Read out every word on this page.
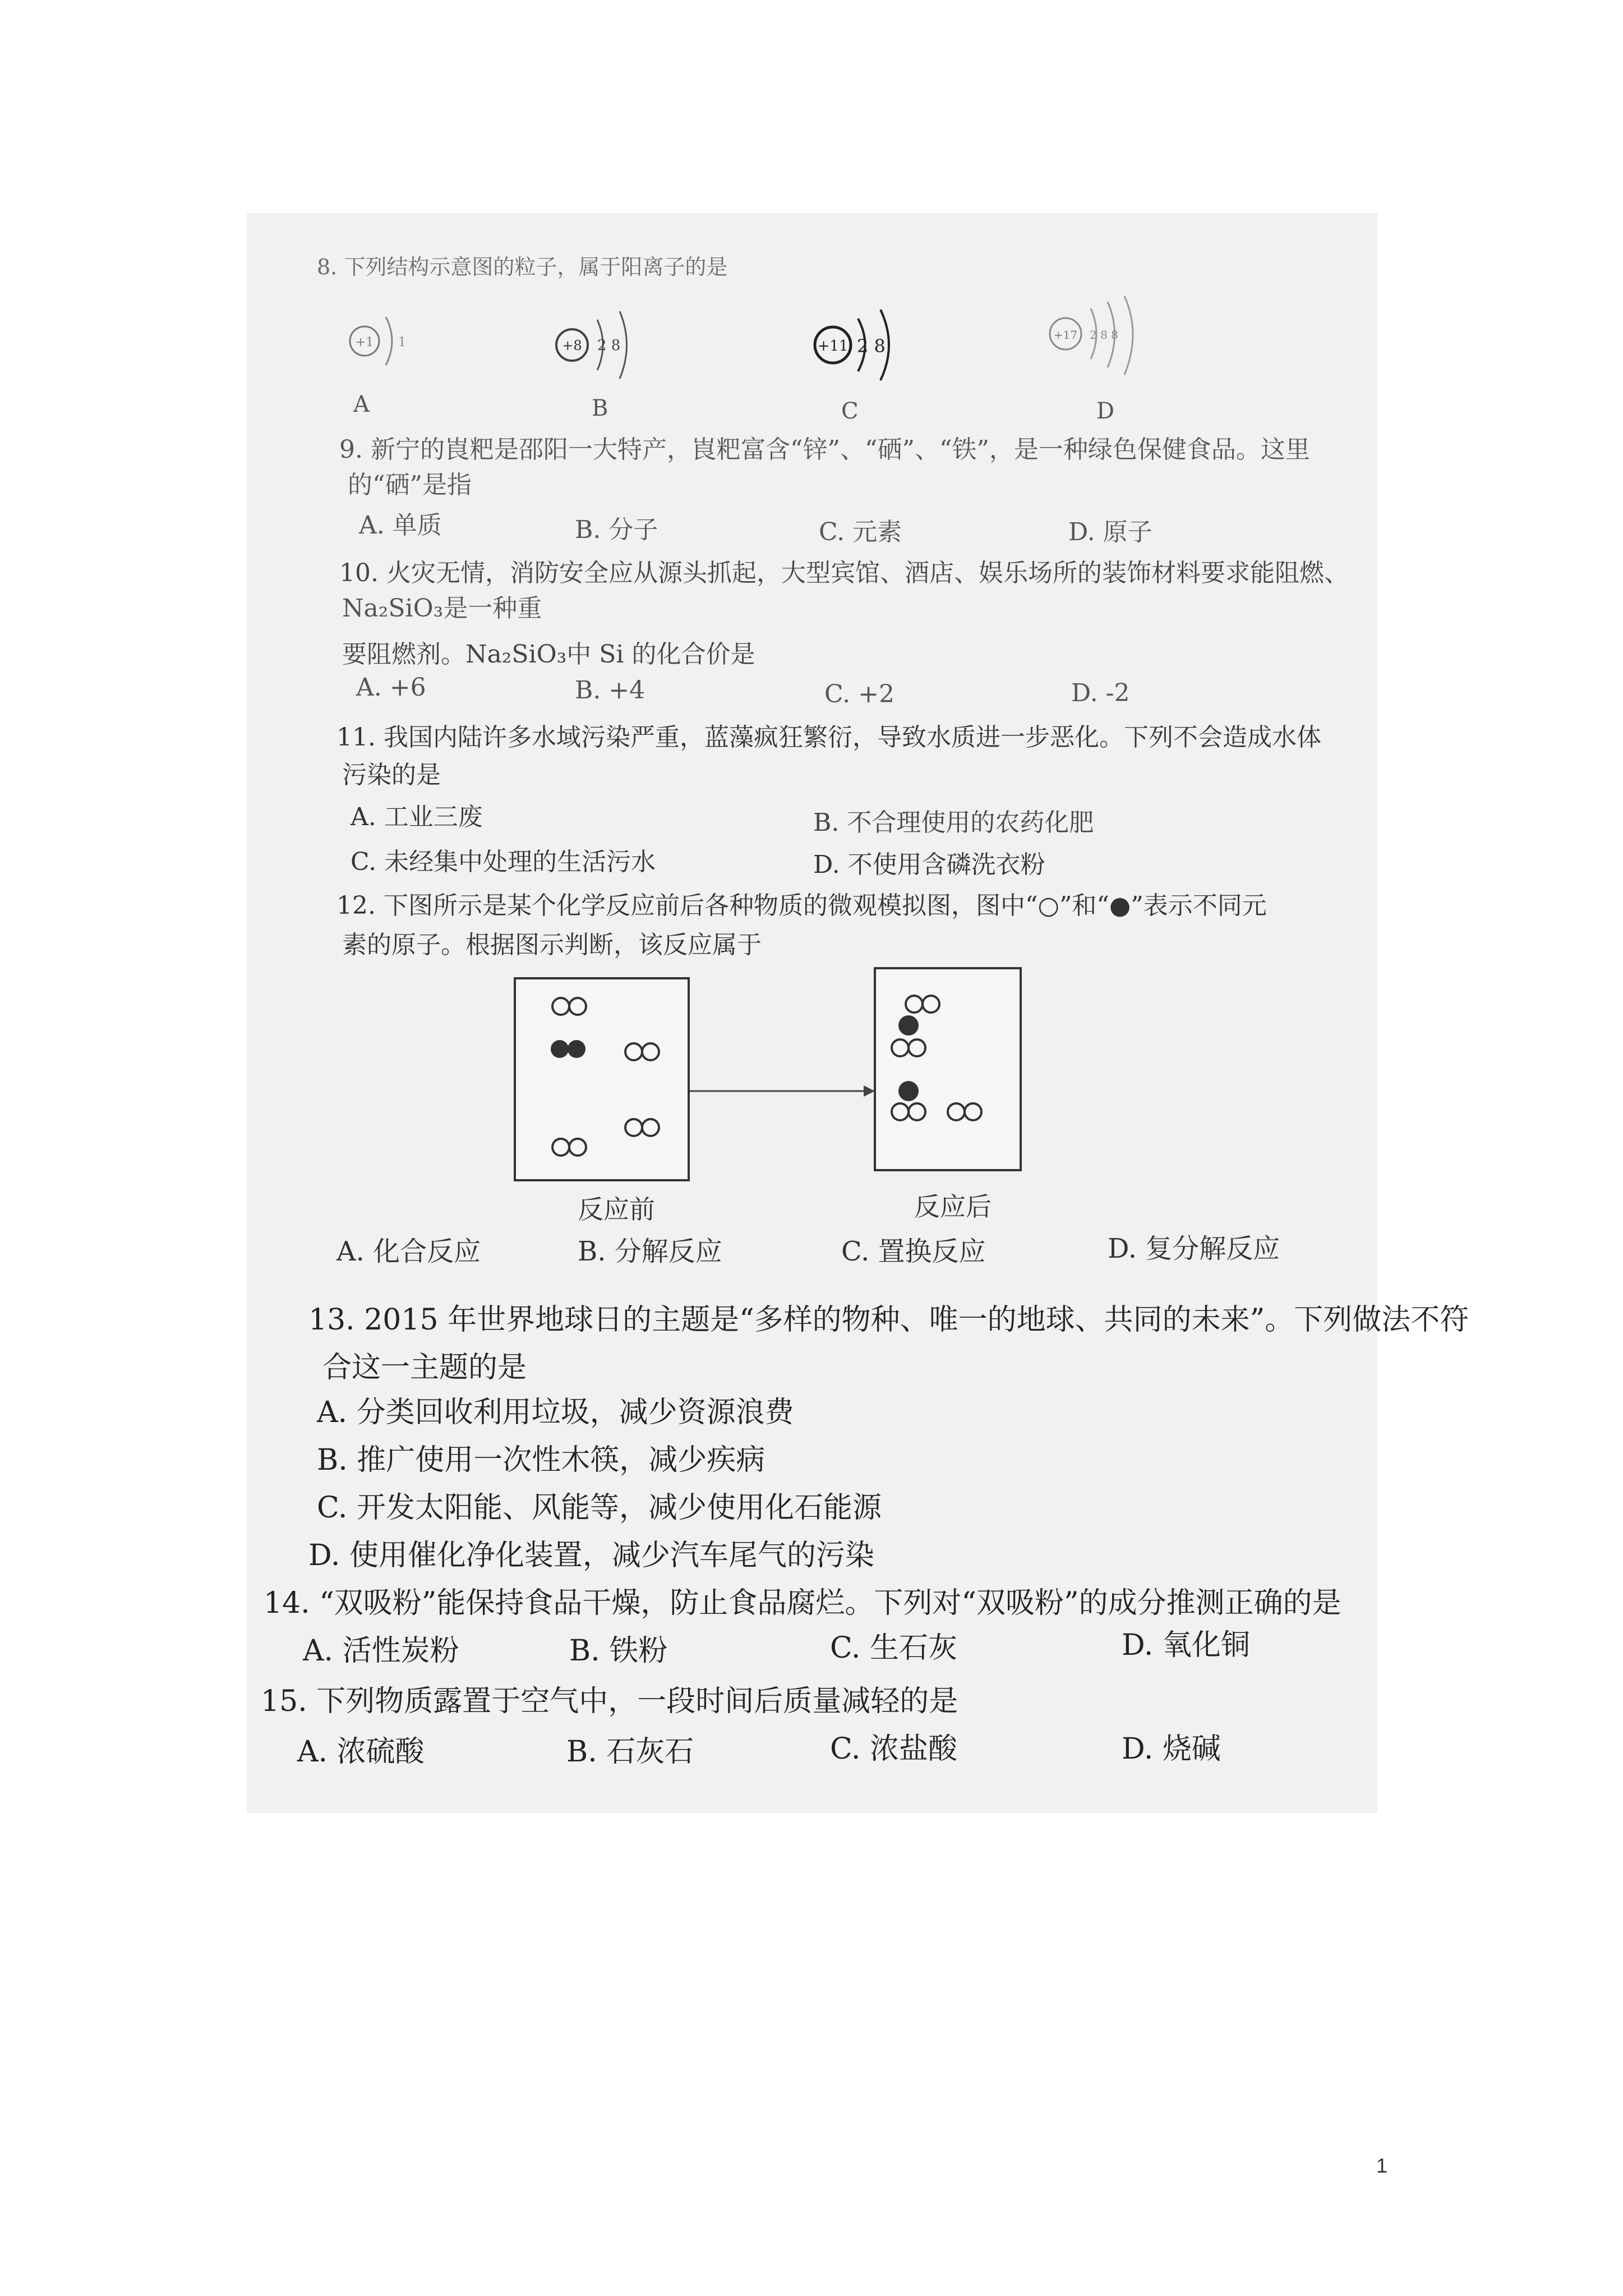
8. 下列结构示意图的粒子，属于阳离子的是
+1 1	+8 2 8	+11 2 8
+17 2 8 8
A	B	C	D
9. 新宁的崀粑是邵阳一大特产，崀粑富含“锌”、“硒”、“铁”，是一种绿色保健食品。这里
的“硒”是指
A. 单质	B. 分子	C. 元素	D. 原子
10. 火灾无情，消防安全应从源头抓起，大型宾馆、酒店、娱乐场所的装饰材料要求能阻燃、
Na₂SiO₃是一种重
要阻燃剂。Na₂SiO₃中 Si 的化合价是
A. +6	B. +4	C. +2	D. -2
11. 我国内陆许多水域污染严重，蓝藻疯狂繁衍，导致水质进一步恶化。下列不会造成水体
污染的是
A. 工业三废	B. 不合理使用的农药化肥
C. 未经集中处理的生活污水	D. 不使用含磷洗衣粉
12. 下图所示是某个化学反应前后各种物质的微观模拟图，图中“○”和“●”表示不同元
素的原子。根据图示判断，该反应属于
反应前	反应后
A. 化合反应	B. 分解反应	C. 置换反应	D. 复分解反应
13. 2015 年世界地球日的主题是“多样的物种、唯一的地球、共同的未来”。下列做法不符
合这一主题的是
A. 分类回收利用垃圾，减少资源浪费
B. 推广使用一次性木筷，减少疾病
C. 开发太阳能、风能等，减少使用化石能源
D. 使用催化净化装置，减少汽车尾气的污染
14. “双吸粉”能保持食品干燥，防止食品腐烂。下列对“双吸粉”的成分推测正确的是
A. 活性炭粉	B. 铁粉	C. 生石灰	D. 氧化铜
15. 下列物质露置于空气中，一段时间后质量减轻的是
A. 浓硫酸	B. 石灰石	C. 浓盐酸	D. 烧碱
1
